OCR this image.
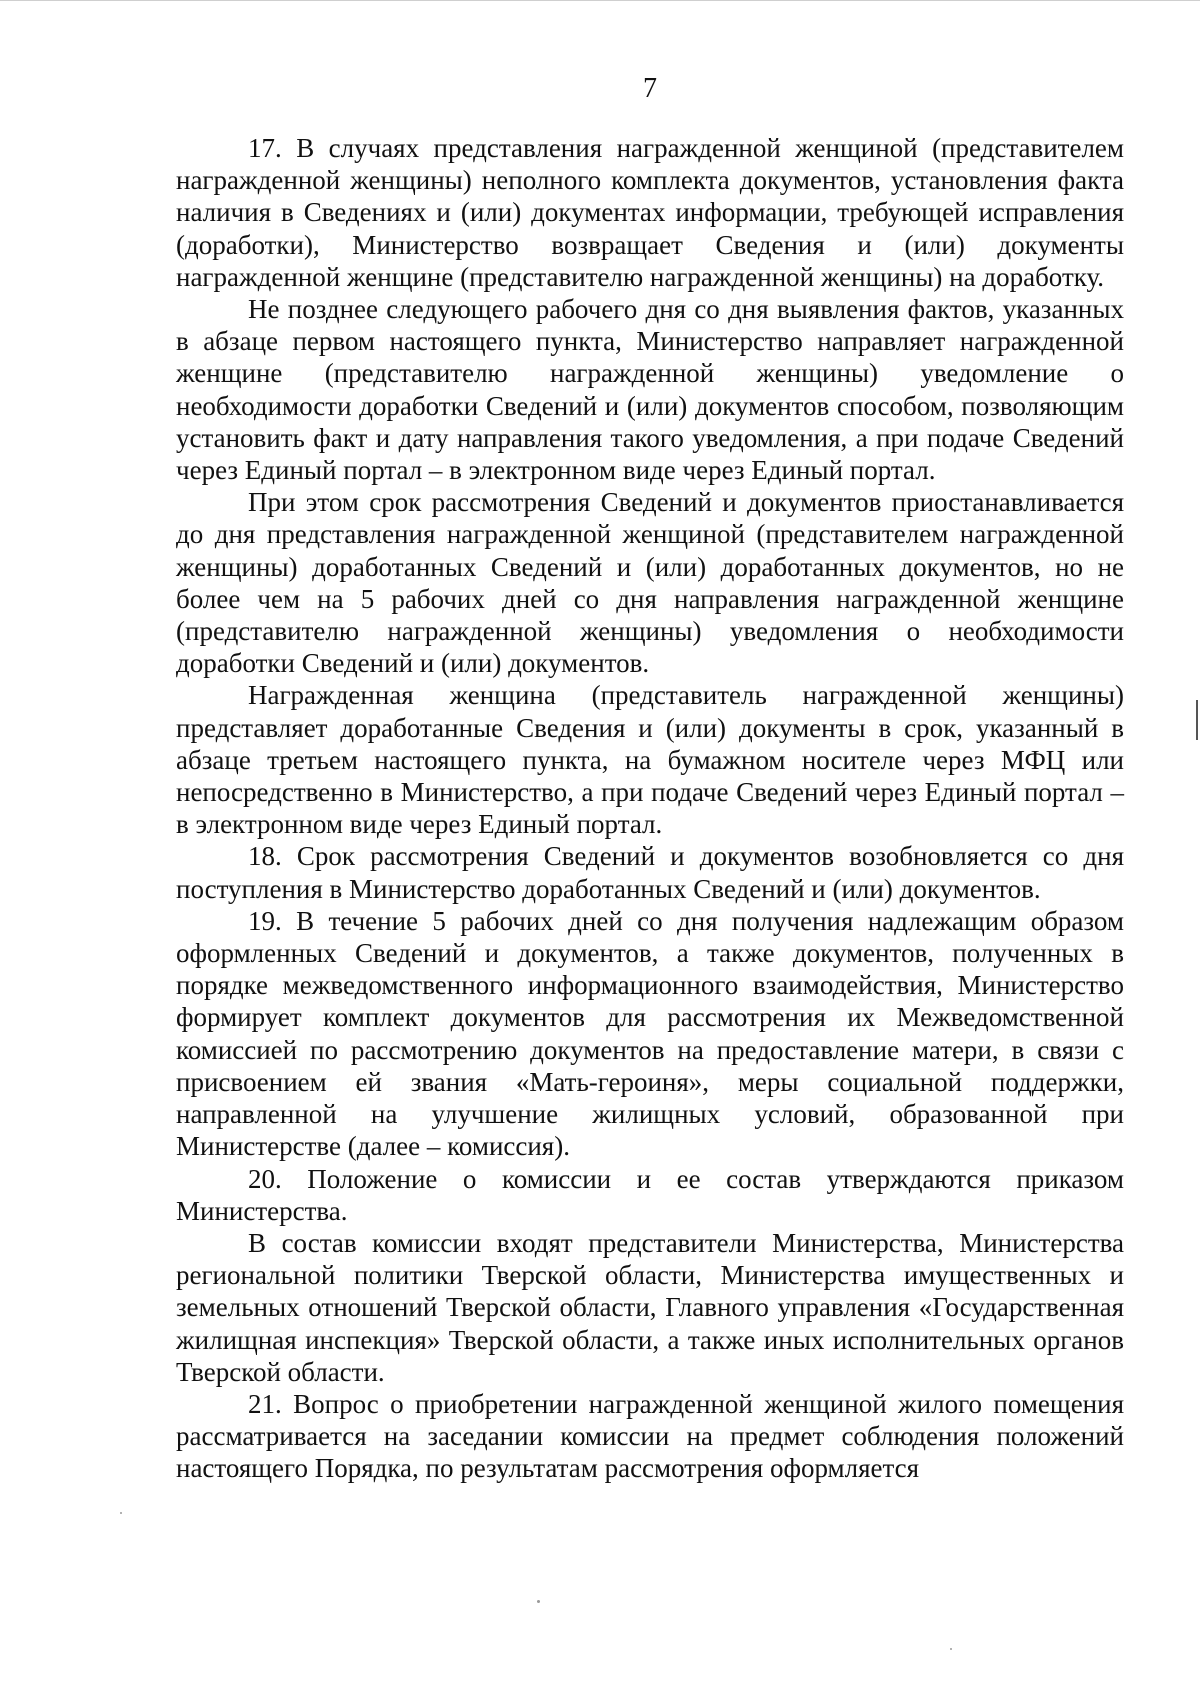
7

17. В случаях представления награжденной женщиной (представителем награжденной женщины) неполного комплекта документов, установления факта наличия в Сведениях и (или) документах информации, требующей исправления (доработки), Министерство возвращает Сведения и (или) документы награжденной женщине (представителю награжденной женщины) на доработку.

Не позднее следующего рабочего дня со дня выявления фактов, указанных в абзаце первом настоящего пункта, Министерство направляет награжденной женщине (представителю награжденной женщины) уведомление о необходимости доработки Сведений и (или) документов способом, позволяющим установить факт и дату направления такого уведомления, а при подаче Сведений через Единый портал – в электронном виде через Единый портал.

При этом срок рассмотрения Сведений и документов приостанавливается до дня представления награжденной женщиной (представителем награжденной женщины) доработанных Сведений и (или) доработанных документов, но не более чем на 5 рабочих дней со дня направления награжденной женщине (представителю награжденной женщины) уведомления о необходимости доработки Сведений и (или) документов.

Награжденная женщина (представитель награжденной женщины) представляет доработанные Сведения и (или) документы в срок, указанный в абзаце третьем настоящего пункта, на бумажном носителе через МФЦ или непосредственно в Министерство, а при подаче Сведений через Единый портал – в электронном виде через Единый портал.

18. Срок рассмотрения Сведений и документов возобновляется со дня поступления в Министерство доработанных Сведений и (или) документов.

19. В течение 5 рабочих дней со дня получения надлежащим образом оформленных Сведений и документов, а также документов, полученных в порядке межведомственного информационного взаимодействия, Министерство формирует комплект документов для рассмотрения их Межведомственной комиссией по рассмотрению документов на предоставление матери, в связи с присвоением ей звания «Мать-героиня», меры социальной поддержки, направленной на улучшение жилищных условий, образованной при Министерстве (далее – комиссия).

20. Положение о комиссии и ее состав утверждаются приказом Министерства.

В состав комиссии входят представители Министерства, Министерства региональной политики Тверской области, Министерства имущественных и земельных отношений Тверской области, Главного управления «Государственная жилищная инспекция» Тверской области, а также иных исполнительных органов Тверской области.

21. Вопрос о приобретении награжденной женщиной жилого помещения рассматривается на заседании комиссии на предмет соблюдения положений настоящего Порядка, по результатам рассмотрения оформляется
